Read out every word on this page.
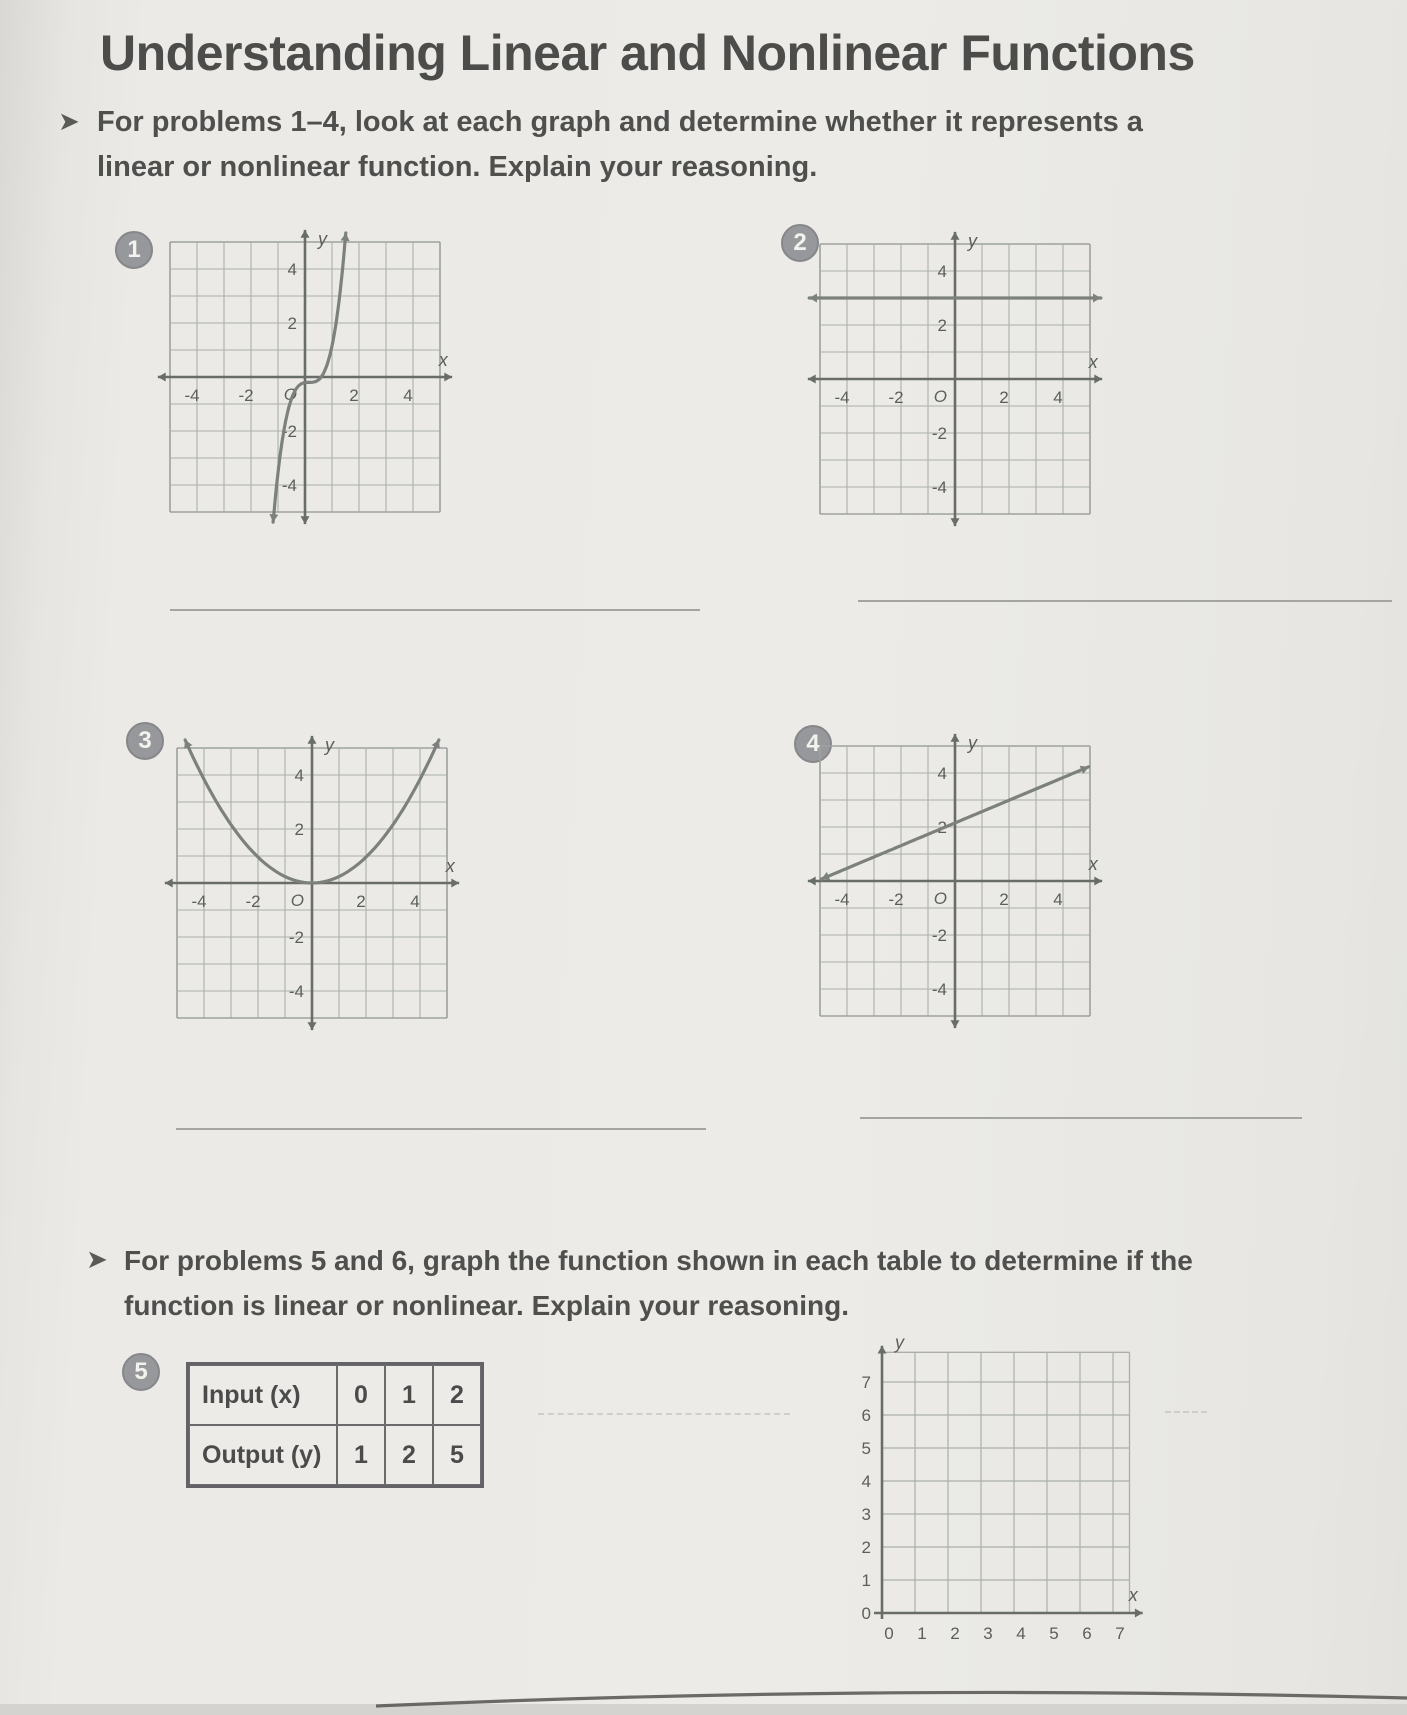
Understanding Linear and Nonlinear Functions
➤ For problems 1–4, look at each graph and determine whether it represents a
linear or nonlinear function. Explain your reasoning.
1
-4 -2	2	4
-4
-2
2
4
O
x
y	2
-4 -2	2	4
-4
-2
2
4
O
x
y
3
-4 -2	2	4
-4
-2
2
4
O
x
y	4
-4 -2	2	4
-4
-2
2
4
O
x
y
➤ For problems 5 and 6, graph the function shown in each table to determine if the
function is linear or nonlinear. Explain your reasoning.
5
Input (x)	0	1	2
Output (y)	1	2	5
0 1 2 3 4 5 6 7
0
1
2
3
4
5
6
7
x
y
